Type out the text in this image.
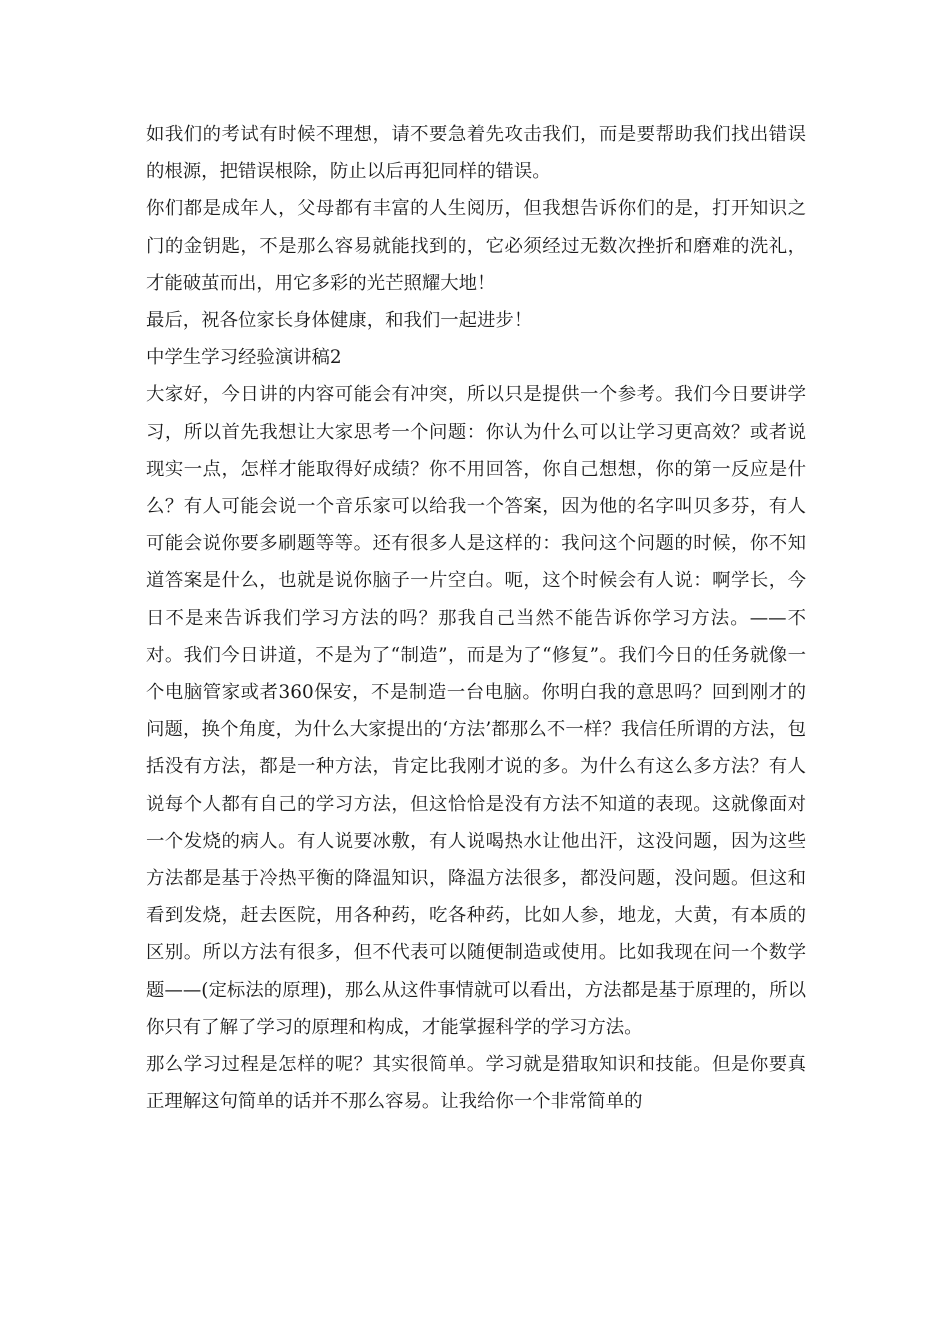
如我们的考试有时候不理想，请不要急着先攻击我们，而是要帮助我们找出错误的根源，把错误根除，防止以后再犯同样的错误。

你们都是成年人，父母都有丰富的人生阅历，但我想告诉你们的是，打开知识之门的金钥匙，不是那么容易就能找到的，它必须经过无数次挫折和磨难的洗礼，才能破茧而出，用它多彩的光芒照耀大地！

最后，祝各位家长身体健康，和我们一起进步！

中学生学习经验演讲稿2

大家好，今日讲的内容可能会有冲突，所以只是提供一个参考。我们今日要讲学习，所以首先我想让大家思考一个问题：你认为什么可以让学习更高效？或者说现实一点，怎样才能取得好成绩？你不用回答，你自己想想，你的第一反应是什么？有人可能会说一个音乐家可以给我一个答案，因为他的名字叫贝多芬，有人可能会说你要多刷题等等。还有很多人是这样的：我问这个问题的时候，你不知道答案是什么，也就是说你脑子一片空白。呃，这个时候会有人说：啊学长，今日不是来告诉我们学习方法的吗？那我自己当然不能告诉你学习方法。——不对。我们今日讲道，不是为了“制造”，而是为了“修复”。我们今日的任务就像一个电脑管家或者360保安，不是制造一台电脑。你明白我的意思吗？回到刚才的问题，换个角度，为什么大家提出的‘方法’都那么不一样？我信任所谓的方法，包括没有方法，都是一种方法，肯定比我刚才说的多。为什么有这么多方法？有人说每个人都有自己的学习方法，但这恰恰是没有方法不知道的表现。这就像面对一个发烧的病人。有人说要冰敷，有人说喝热水让他出汗，这没问题，因为这些方法都是基于冷热平衡的降温知识，降温方法很多，都没问题，没问题。但这和看到发烧，赶去医院，用各种药，吃各种药，比如人参，地龙，大黄，有本质的区别。所以方法有很多，但不代表可以随便制造或使用。比如我现在问一个数学题——(定标法的原理)，那么从这件事情就可以看出，方法都是基于原理的，所以你只有了解了学习的原理和构成，才能掌握科学的学习方法。

那么学习过程是怎样的呢？其实很简单。学习就是猎取知识和技能。但是你要真正理解这句简单的话并不那么容易。让我给你一个非常简单的
